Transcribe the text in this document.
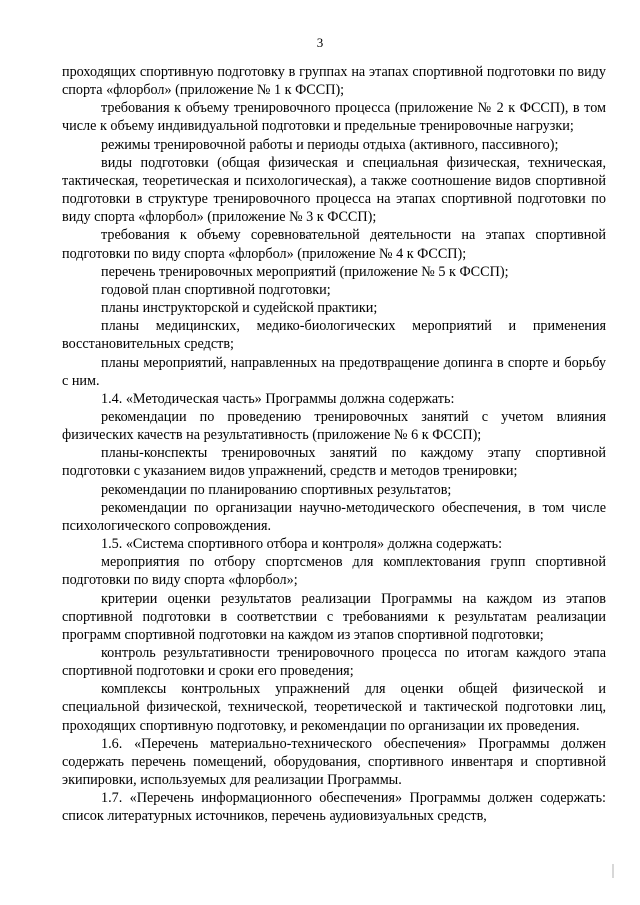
3

проходящих спортивную подготовку в группах на этапах спортивной подготовки по виду спорта «флорбол» (приложение № 1 к ФССП);

требования к объему тренировочного процесса (приложение № 2 к ФССП), в том числе к объему индивидуальной подготовки и предельные тренировочные нагрузки;

режимы тренировочной работы и периоды отдыха (активного, пассивного);

виды подготовки (общая физическая и специальная физическая, техническая, тактическая, теоретическая и психологическая), а также соотношение видов спортивной подготовки в структуре тренировочного процесса на этапах спортивной подготовки по виду спорта «флорбол» (приложение № 3 к ФССП);

требования к объему соревновательной деятельности на этапах спортивной подготовки по виду спорта «флорбол» (приложение № 4 к ФССП);

перечень тренировочных мероприятий (приложение № 5 к ФССП);

годовой план спортивной подготовки;

планы инструкторской и судейской практики;

планы медицинских, медико-биологических мероприятий и применения восстановительных средств;

планы мероприятий, направленных на предотвращение допинга в спорте и борьбу с ним.

1.4. «Методическая часть» Программы должна содержать:

рекомендации по проведению тренировочных занятий с учетом влияния физических качеств на результативность (приложение № 6 к ФССП);

планы-конспекты тренировочных занятий по каждому этапу спортивной подготовки с указанием видов упражнений, средств и методов тренировки;

рекомендации по планированию спортивных результатов;

рекомендации по организации научно-методического обеспечения, в том числе психологического сопровождения.

1.5. «Система спортивного отбора и контроля» должна содержать:

мероприятия по отбору спортсменов для комплектования групп спортивной подготовки по виду спорта «флорбол»;

критерии оценки результатов реализации Программы на каждом из этапов спортивной подготовки в соответствии с требованиями к результатам реализации программ спортивной подготовки на каждом из этапов спортивной подготовки;

контроль результативности тренировочного процесса по итогам каждого этапа спортивной подготовки и сроки его проведения;

комплексы контрольных упражнений для оценки общей физической и специальной физической, технической, теоретической и тактической подготовки лиц, проходящих спортивную подготовку, и рекомендации по организации их проведения.

1.6. «Перечень материально-технического обеспечения» Программы должен содержать перечень помещений, оборудования, спортивного инвентаря и спортивной экипировки, используемых для реализации Программы.

1.7. «Перечень информационного обеспечения» Программы должен содержать: список литературных источников, перечень аудиовизуальных средств,
